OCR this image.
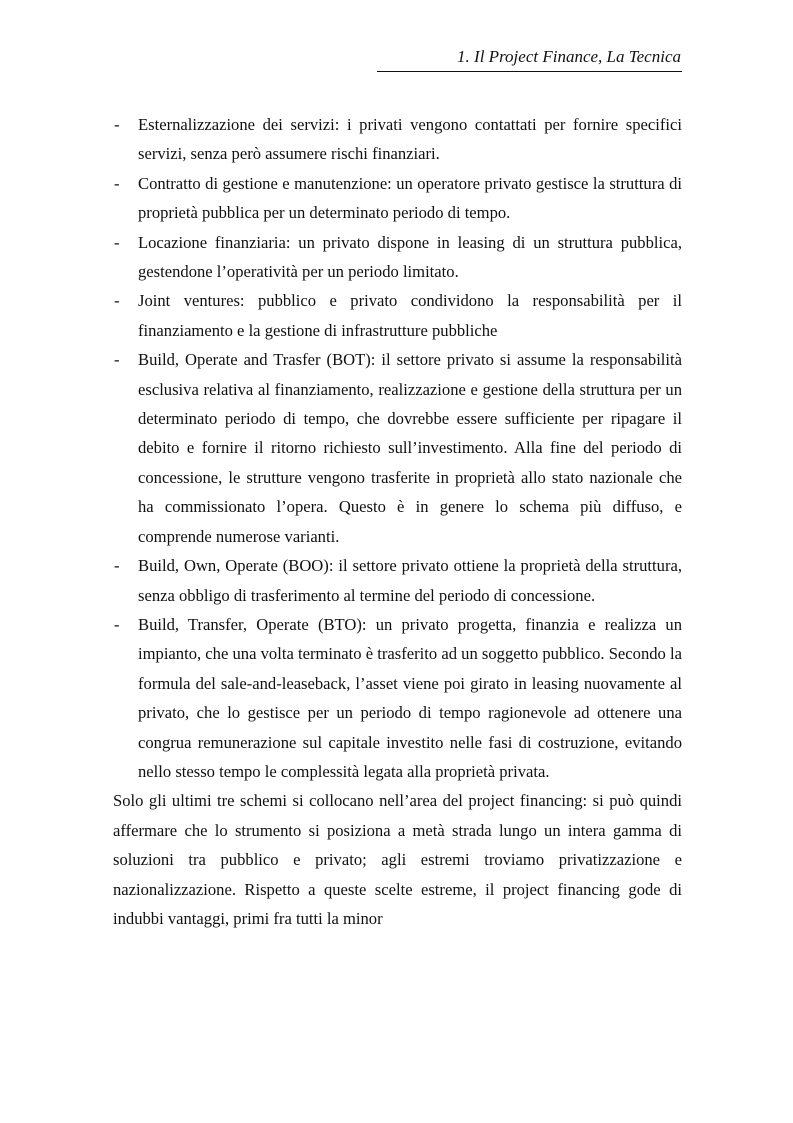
1. Il Project Finance, La Tecnica
- Esternalizzazione dei servizi: i privati vengono contattati per fornire specifici servizi, senza però assumere rischi finanziari.
- Contratto di gestione e manutenzione: un operatore privato gestisce la struttura di proprietà pubblica per un determinato periodo di tempo.
- Locazione finanziaria: un privato dispone in leasing di un struttura pubblica, gestendone l’operatività per un periodo limitato.
- Joint ventures: pubblico e privato condividono la responsabilità per il finanziamento e la gestione di infrastrutture pubbliche
- Build, Operate and Trasfer (BOT): il settore privato si assume la responsabilità esclusiva relativa al finanziamento, realizzazione e gestione della struttura per un determinato periodo di tempo, che dovrebbe essere sufficiente per ripagare il debito e fornire il ritorno richiesto sull’investimento. Alla fine del periodo di concessione, le strutture vengono trasferite in proprietà allo stato nazionale che ha commissionato l’opera. Questo è in genere lo schema più diffuso, e comprende numerose varianti.
- Build, Own, Operate (BOO): il settore privato ottiene la proprietà della struttura, senza obbligo di trasferimento al termine del periodo di concessione.
- Build, Transfer, Operate (BTO): un privato progetta, finanzia e realizza un impianto, che una volta terminato è trasferito ad un soggetto pubblico. Secondo la formula del sale-and-leaseback, l’asset viene poi girato in leasing nuovamente al privato, che lo gestisce per un periodo di tempo ragionevole ad ottenere una congrua remunerazione sul capitale investito nelle fasi di costruzione, evitando nello stesso tempo le complessità legata alla proprietà privata.

Solo gli ultimi tre schemi si collocano nell’area del project financing: si può quindi affermare che lo strumento si posiziona a metà strada lungo un intera gamma di soluzioni tra pubblico e privato; agli estremi troviamo privatizzazione e nazionalizzazione. Rispetto a queste scelte estreme, il project financing gode di indubbi vantaggi, primi fra tutti la minor
